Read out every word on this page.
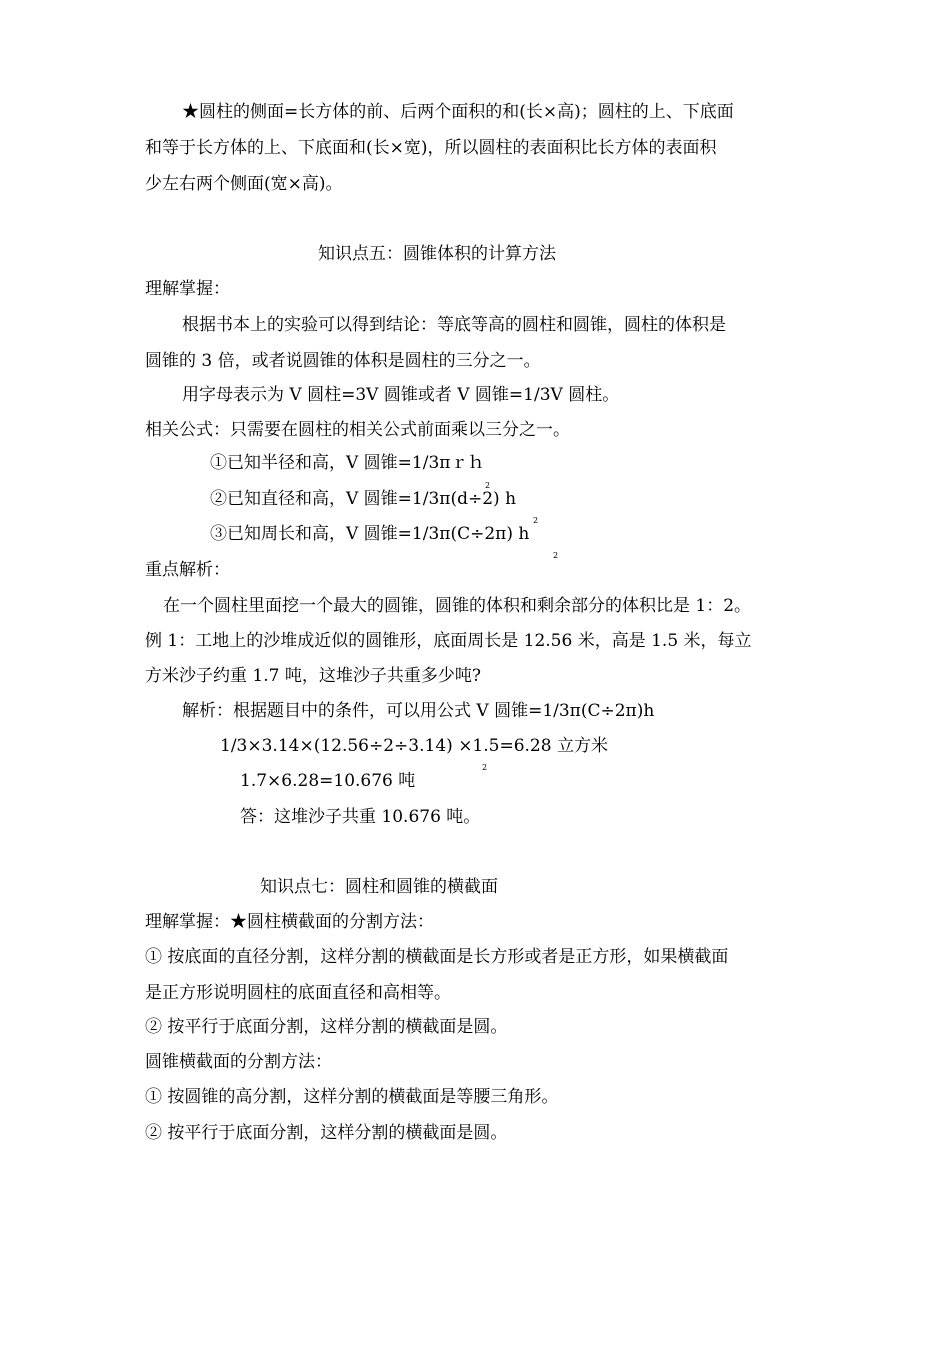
★圆柱的侧面=长方体的前、后两个面积的和(长×高)；圆柱的上、下底面
和等于长方体的上、下底面和(长×宽)，所以圆柱的表面积比长方体的表面积
少左右两个侧面(宽×高)。
知识点五：圆锥体积的计算方法
理解掌握：
根据书本上的实验可以得到结论：等底等高的圆柱和圆锥，圆柱的体积是
圆锥的 3 倍，或者说圆锥的体积是圆柱的三分之一。
用字母表示为 V 圆柱=3V 圆锥或者 V 圆锥=1/3V 圆柱。
相关公式：只需要在圆柱的相关公式前面乘以三分之一。
①已知半径和高，V 圆锥=1/3πｒｈ
②已知直径和高，V 圆锥=1/3π(d÷2) h
2
③已知周长和高，V 圆锥=1/3π(C÷2π) h
2
2
重点解析：
在一个圆柱里面挖一个最大的圆锥，圆锥的体积和剩余部分的体积比是 1：2。
例 1：工地上的沙堆成近似的圆锥形，底面周长是 12.56 米，高是 1.5 米，每立
方米沙子约重 1.7 吨，这堆沙子共重多少吨?
解析：根据题目中的条件，可以用公式 V 圆锥=1/3π(C÷2π)h
1/3×3.14×(12.56÷2÷3.14) ×1.5=6.28 立方米
1.7×6.28=10.676 吨
2
答：这堆沙子共重 10.676 吨。
知识点七：圆柱和圆锥的横截面
理解掌握：★圆柱横截面的分割方法：
① 按底面的直径分割，这样分割的横截面是长方形或者是正方形，如果横截面
是正方形说明圆柱的底面直径和高相等。
② 按平行于底面分割，这样分割的横截面是圆。
圆锥横截面的分割方法：
① 按圆锥的高分割，这样分割的横截面是等腰三角形。
② 按平行于底面分割，这样分割的横截面是圆。
